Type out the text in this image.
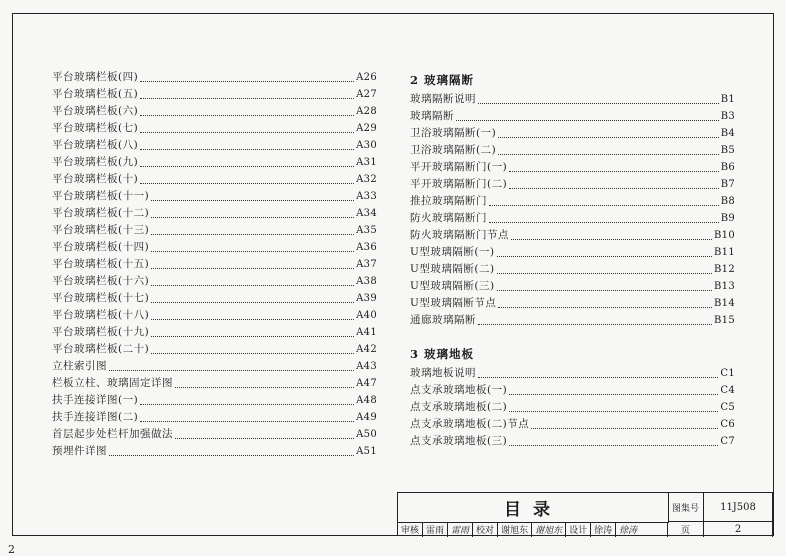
平台玻璃栏板(四)	A26
平台玻璃栏板(五)	A27
平台玻璃栏板(六)	A28
平台玻璃栏板(七)	A29
平台玻璃栏板(八)	A30
平台玻璃栏板(九)	A31
平台玻璃栏板(十)	A32
平台玻璃栏板(十一)	A33
平台玻璃栏板(十二)	A34
平台玻璃栏板(十三)	A35
平台玻璃栏板(十四)	A36
平台玻璃栏板(十五)	A37
平台玻璃栏板(十六)	A38
平台玻璃栏板(十七)	A39
平台玻璃栏板(十八)	A40
平台玻璃栏板(十九)	A41
平台玻璃栏板(二十)	A42
立柱索引图	A43
栏板立柱、玻璃固定详图	A47
扶手连接详图(一)	A48
扶手连接详图(二)	A49
首层起步处栏杆加强做法	A50
预埋件详图	A51
2 玻璃隔断
玻璃隔断说明	B1
玻璃隔断	B3
卫浴玻璃隔断(一)	B4
卫浴玻璃隔断(二)	B5
平开玻璃隔断门(一)	B6
平开玻璃隔断门(二)	B7
推拉玻璃隔断门	B8
防火玻璃隔断门	B9
防火玻璃隔断门节点	B10
U型玻璃隔断(一)	B11
U型玻璃隔断(二)	B12
U型玻璃隔断(三)	B13
U型玻璃隔断节点	B14
通廊玻璃隔断	B15
3 玻璃地板
玻璃地板说明	C1
点支承玻璃地板(一)	C4
点支承玻璃地板(二)	C5
点支承玻璃地板(二)节点	C6
点支承玻璃地板(三)	C7
目录	图集号	11J508
审核 雷雨 雷雨 校对 谢旭东 谢旭东 设计 徐涛 徐涛	页	2
2
